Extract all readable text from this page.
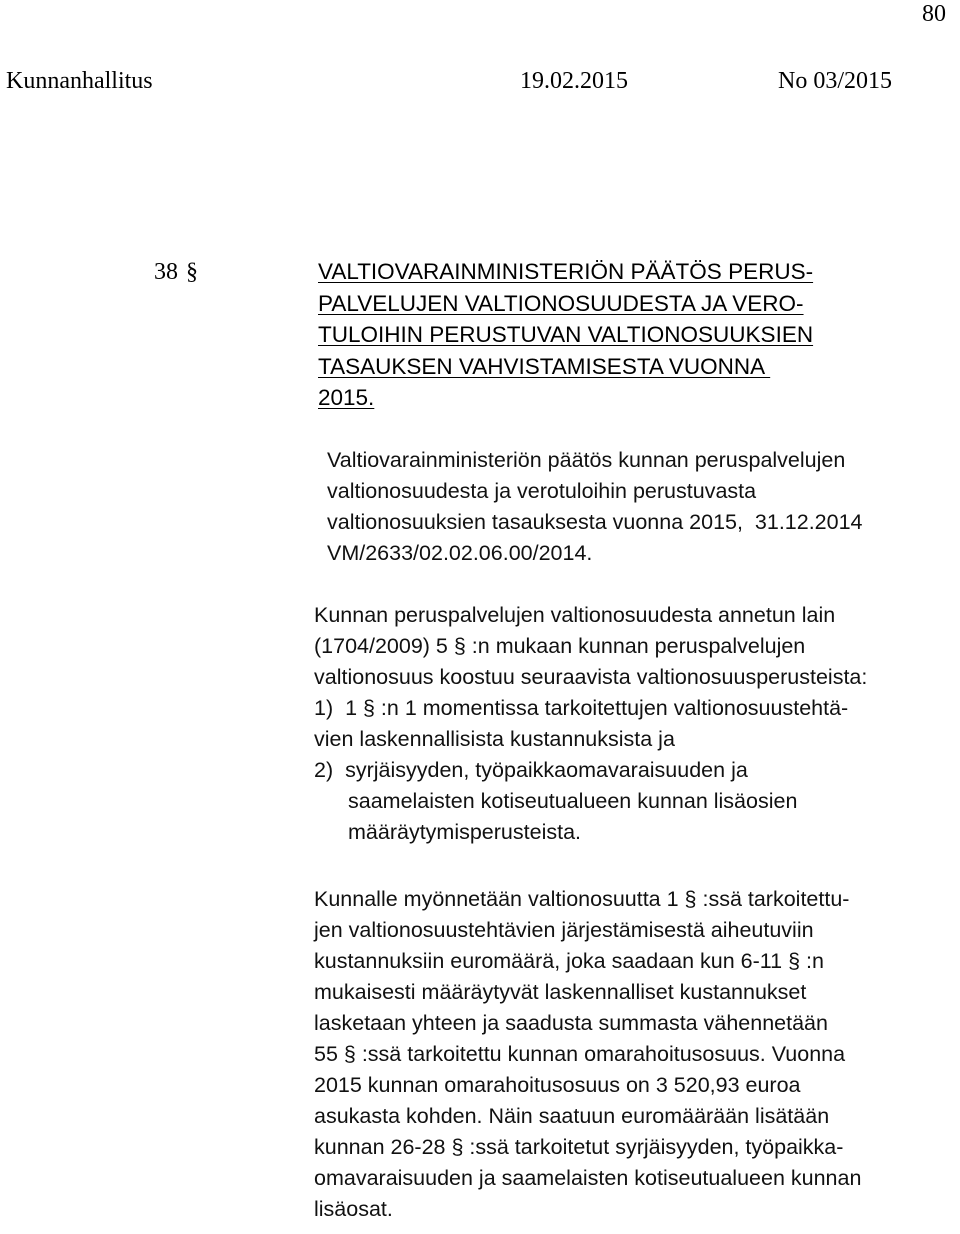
80
Kunnanhallitus	19.02.2015	No 03/2015
38 §	VALTIOVARAINMINISTERIÖN PÄÄTÖS PERUS-
PALVELUJEN VALTIONOSUUDESTA JA VERO-
TULOIHIN PERUSTUVAN VALTIONOSUUKSIEN
TASAUKSEN VAHVISTAMISESTA VUONNA
2015.
Valtiovarainministeriön päätös kunnan peruspalvelujen
valtionosuudesta ja verotuloihin perustuvasta
valtionosuuksien tasauksesta vuonna 2015,  31.12.2014
VM/2633/02.02.06.00/2014.
Kunnan peruspalvelujen valtionosuudesta annetun lain
(1704/2009) 5 § :n mukaan kunnan peruspalvelujen
valtionosuus koostuu seuraavista valtionosuusperusteista:
1)  1 § :n 1 momentissa tarkoitettujen valtionosuustehtä-
vien laskennallisista kustannuksista ja
2)  syrjäisyyden, työpaikkaomavaraisuuden ja
saamelaisten kotiseutualueen kunnan lisäosien
määräytymisperusteista.
Kunnalle myönnetään valtionosuutta 1 § :ssä tarkoitettu-
jen valtionosuustehtävien järjestämisestä aiheutuviin
kustannuksiin euromäärä, joka saadaan kun 6-11 § :n
mukaisesti määräytyvät laskennalliset kustannukset
lasketaan yhteen ja saadusta summasta vähennetään
55 § :ssä tarkoitettu kunnan omarahoitusosuus. Vuonna
2015 kunnan omarahoitusosuus on 3 520,93 euroa
asukasta kohden. Näin saatuun euromäärään lisätään
kunnan 26-28 § :ssä tarkoitetut syrjäisyyden, työpaikka-
omavaraisuuden ja saamelaisten kotiseutualueen kunnan
lisäosat.
